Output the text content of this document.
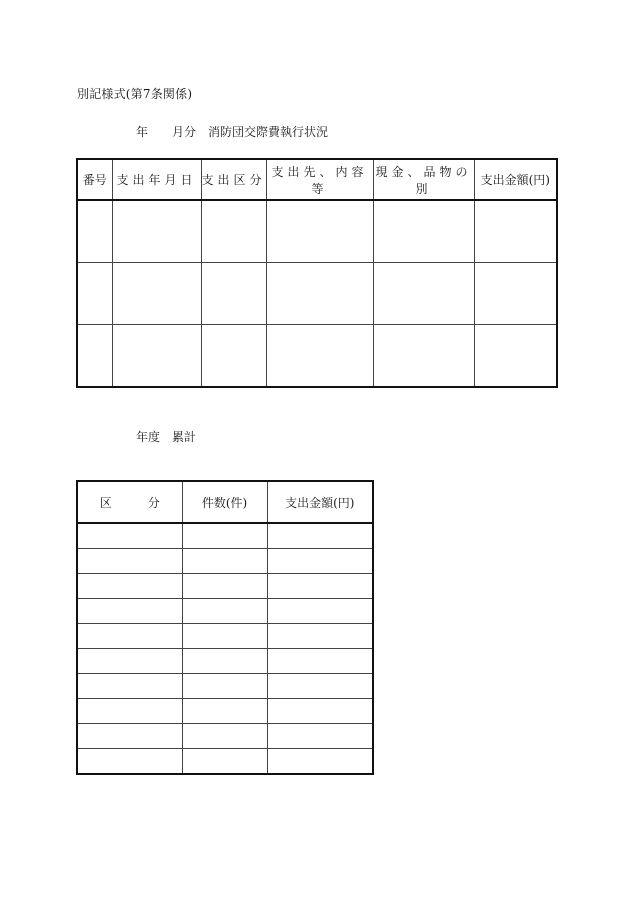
別記様式(第7条関係)
年　　月分　消防団交際費執行状況
番号	支出年月日	支出区分	支出先、内容等	現金、品物の別	支出金額(円)

年度　累計
区　　　分	件数(件)	支出金額(円)
